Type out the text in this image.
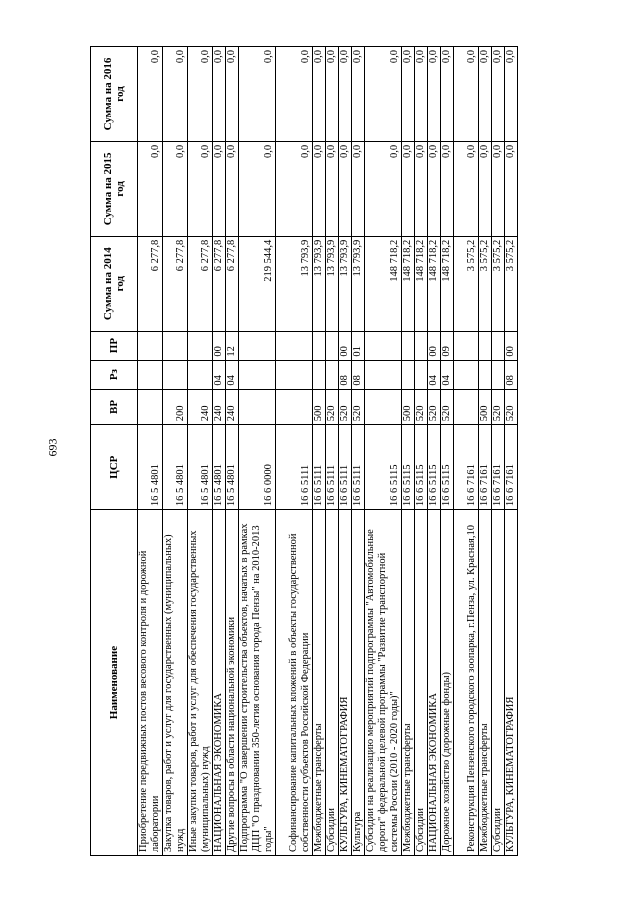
693
Наименование	ЦСР	ВР	Рз	ПР	Сумма на 2014 год	Сумма на 2015 год	Сумма на 2016 год
Приобретение передвижных постов весового контроля и дорожной лаборатории	16 5 4801				6 277,8	0,0	0,0
Закупка товаров, работ и услуг для государственных (муниципальных) нужд	16 5 4801	200			6 277,8	0,0	0,0
Иные закупки товаров, работ и услуг для обеспечения государственных (муниципальных) нужд	16 5 4801	240			6 277,8	0,0	0,0
НАЦИОНАЛЬНАЯ ЭКОНОМИКА	16 5 4801	240	04	00	6 277,8	0,0	0,0
Другие вопросы в области национальной экономики	16 5 4801	240	04	12	6 277,8	0,0	0,0
Подпрограмма "О завершении строительства объектов, начатых в рамках ДЦП "О праздновании 350-летия основания города Пензы" на 2010-2013 годы"	16 6 0000				219 544,4	0,0	0,0
Софинансирование капитальных вложений в объекты государственной собственности субъектов Российской Федерации	16 6 5111				13 793,9	0,0	0,0
Межбюджетные трансферты	16 6 5111	500			13 793,9	0,0	0,0
Субсидии	16 6 5111	520			13 793,9	0,0	0,0
КУЛЬТУРА, КИНЕМАТОГРАФИЯ	16 6 5111	520	08	00	13 793,9	0,0	0,0
Культура	16 6 5111	520	08	01	13 793,9	0,0	0,0
Субсидии на реализацию мероприятий подпрограммы "Автомобильные дороги" федеральной целевой программы "Развитие транспортной системы России (2010 - 2020 годы)"	16 6 5115				148 718,2	0,0	0,0
Межбюджетные трансферты	16 6 5115	500			148 718,2	0,0	0,0
Субсидии	16 6 5115	520			148 718,2	0,0	0,0
НАЦИОНАЛЬНАЯ ЭКОНОМИКА	16 6 5115	520	04	00	148 718,2	0,0	0,0
Дорожное хозяйство (дорожные фонды)	16 6 5115	520	04	09	148 718,2	0,0	0,0
Реконструкция Пензенского городского зоопарка, г.Пенза, ул. Красная,10	16 6 7161				3 575,2	0,0	0,0
Межбюджетные трансферты	16 6 7161	500			3 575,2	0,0	0,0
Субсидии	16 6 7161	520			3 575,2	0,0	0,0
КУЛЬТУРА, КИНЕМАТОГРАФИЯ	16 6 7161	520	08	00	3 575,2	0,0	0,0
